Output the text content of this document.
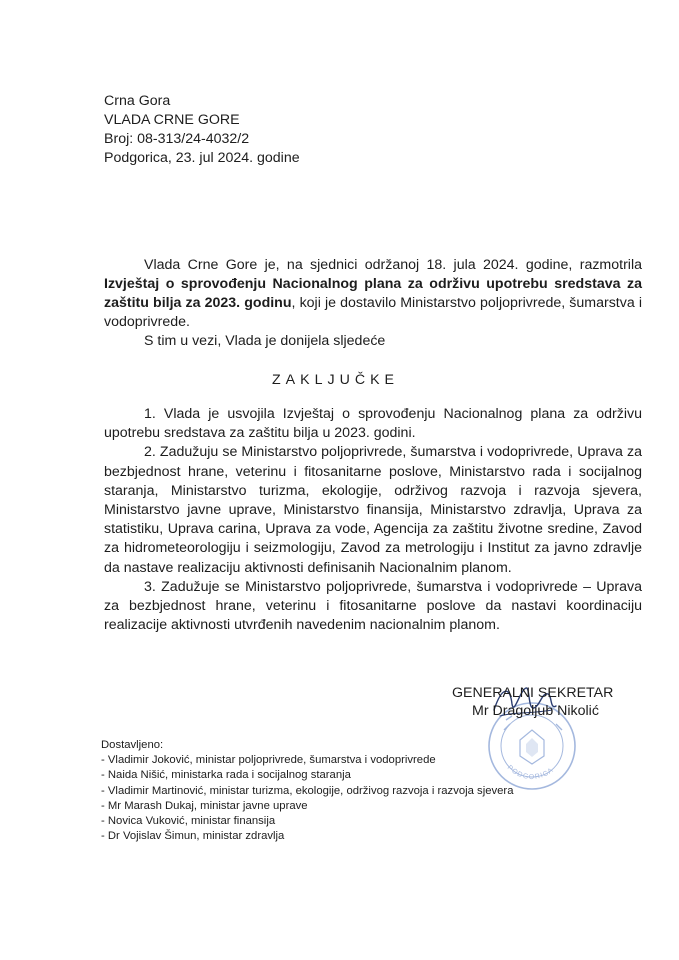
Crna Gora
VLADA CRNE GORE
Broj: 08-313/24-4032/2
Podgorica, 23. jul 2024. godine

Vlada Crne Gore je, na sjednici održanoj 18. jula 2024. godine, razmotrila Izvještaj o sprovođenju Nacionalnog plana za održivu upotrebu sredstava za zaštitu bilja za 2023. godinu, koji je dostavilo Ministarstvo poljoprivrede, šumarstva i vodoprivrede.

S tim u vezi, Vlada je donijela sljedeće

ZAKLJUČKE

1. Vlada je usvojila Izvještaj o sprovođenju Nacionalnog plana za održivu upotrebu sredstava za zaštitu bilja u 2023. godini.

2. Zadužuju se Ministarstvo poljoprivrede, šumarstva i vodoprivrede, Uprava za bezbjednost hrane, veterinu i fitosanitarne poslove, Ministarstvo rada i socijalnog staranja, Ministarstvo turizma, ekologije, održivog razvoja i razvoja sjevera, Ministarstvo javne uprave, Ministarstvo finansija, Ministarstvo zdravlja, Uprava za statistiku, Uprava carina, Uprava za vode, Agencija za zaštitu životne sredine, Zavod za hidrometeorologiju i seizmologiju, Zavod za metrologiju i Institut za javno zdravlje da nastave realizaciju aktivnosti definisanih Nacionalnim planom.

3. Zadužuje se Ministarstvo poljoprivrede, šumarstva i vodoprivrede – Uprava za bezbjednost hrane, veterinu i fitosanitarne poslove da nastavi koordinaciju realizacije aktivnosti utvrđenih navedenim nacionalnim planom.

PODGORICA
GENERALNI SEKRETAR
Mr Dragoljub Nikolić
Dostavljeno:
- Vladimir Joković, ministar poljoprivrede, šumarstva i vodoprivrede
- Naida Nišić, ministarka rada i socijalnog staranja
- Vladimir Martinović, ministar turizma, ekologije, održivog razvoja i razvoja sjevera
- Mr Marash Dukaj, ministar javne uprave
- Novica Vuković, ministar finansija
- Dr Vojislav Šimun, ministar zdravlja
